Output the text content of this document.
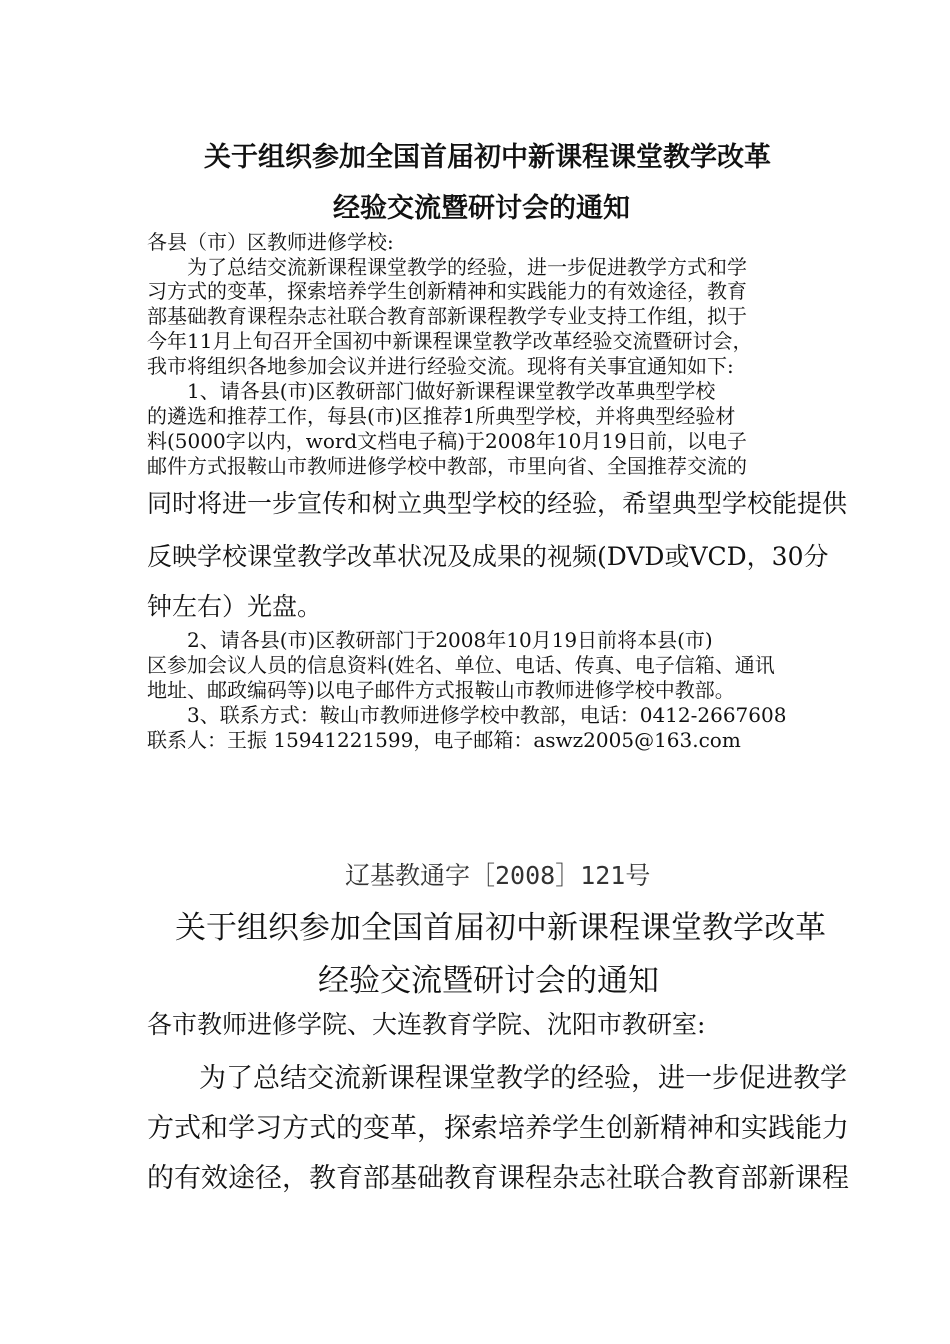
关于组织参加全国首届初中新课程课堂教学改革
经验交流暨研讨会的通知
各县（市）区教师进修学校:
为了总结交流新课程课堂教学的经验，进一步促进教学方式和学
习方式的变革，探索培养学生创新精神和实践能力的有效途径，教育
部基础教育课程杂志社联合教育部新课程教学专业支持工作组，拟于
今年11月上旬召开全国初中新课程课堂教学改革经验交流暨研讨会，
我市将组织各地参加会议并进行经验交流。现将有关事宜通知如下:
1、请各县(市)区教研部门做好新课程课堂教学改革典型学校
的遴选和推荐工作，每县(市)区推荐1所典型学校，并将典型经验材
料(5000字以内，word文档电子稿)于2008年10月19日前，以电子
邮件方式报鞍山市教师进修学校中教部，市里向省、全国推荐交流的
同时将进一步宣传和树立典型学校的经验，希望典型学校能提供
反映学校课堂教学改革状况及成果的视频(DVD或VCD，30分
钟左右）光盘。
2、请各县(市)区教研部门于2008年10月19日前将本县(市)
区参加会议人员的信息资料(姓名、单位、电话、传真、电子信箱、通讯
地址、邮政编码等)以电子邮件方式报鞍山市教师进修学校中教部。
3、联系方式：鞍山市教师进修学校中教部，电话：0412-2667608
联系人：王振 15941221599，电子邮箱：aswz2005@163.com
辽基教通字［2008］121号
关于组织参加全国首届初中新课程课堂教学改革
经验交流暨研讨会的通知
各市教师进修学院、大连教育学院、沈阳市教研室:
为了总结交流新课程课堂教学的经验，进一步促进教学
方式和学习方式的变革，探索培养学生创新精神和实践能力
的有效途径，教育部基础教育课程杂志社联合教育部新课程
